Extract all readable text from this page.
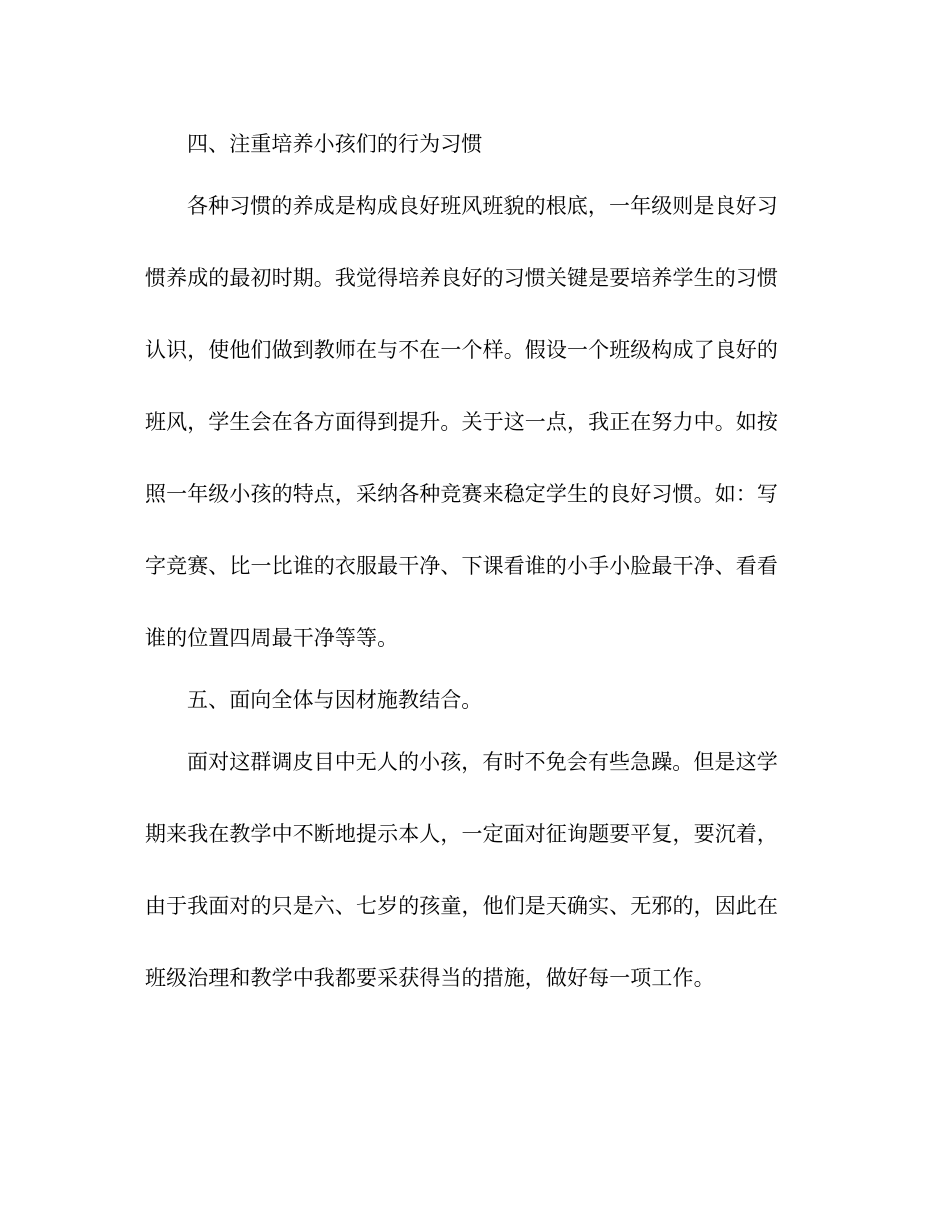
四、注重培养小孩们的行为习惯
各种习惯的养成是构成良好班风班貌的根底，一年级则是良好习
惯养成的最初时期。我觉得培养良好的习惯关键是要培养学生的习惯
认识，使他们做到教师在与不在一个样。假设一个班级构成了良好的
班风，学生会在各方面得到提升。关于这一点，我正在努力中。如按
照一年级小孩的特点，采纳各种竞赛来稳定学生的良好习惯。如：写
字竞赛、比一比谁的衣服最干净、下课看谁的小手小脸最干净、看看
谁的位置四周最干净等等。
五、面向全体与因材施教结合。
面对这群调皮目中无人的小孩，有时不免会有些急躁。但是这学
期来我在教学中不断地提示本人，一定面对征询题要平复，要沉着，
由于我面对的只是六、七岁的孩童，他们是天确实、无邪的，因此在
班级治理和教学中我都要采获得当的措施，做好每一项工作。
